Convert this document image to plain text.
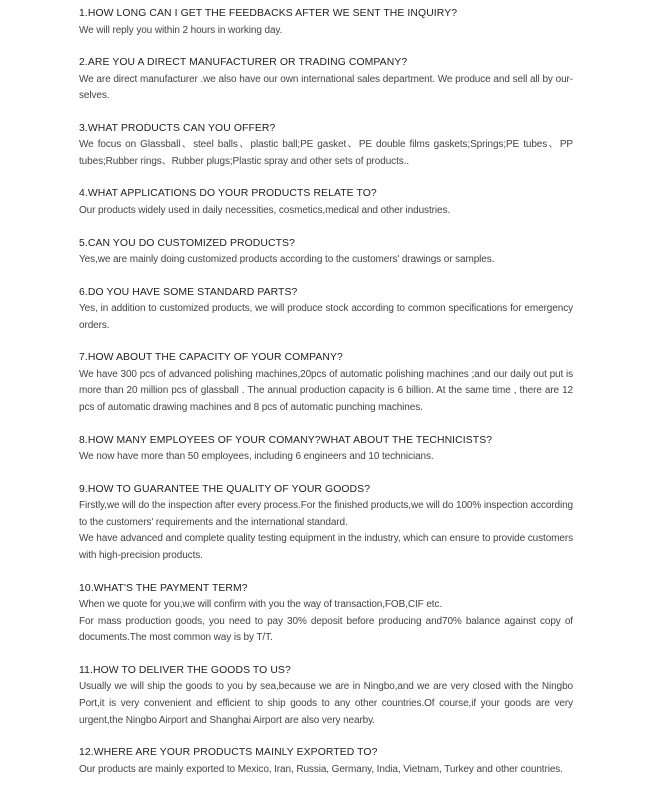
1.HOW LONG CAN I GET THE FEEDBACKS AFTER WE SENT THE INQUIRY?

We will reply you within 2 hours in working day.

2.ARE YOU A DIRECT MANUFACTURER OR TRADING COMPANY?

We are direct manufacturer .we also have our own international sales department. We produce and sell all by our-selves.

3.WHAT PRODUCTS CAN YOU OFFER?

We focus on Glassball、steel balls、plastic ball;PE gasket、PE double films gaskets;Springs;PE tubes、PP tubes;Rubber rings、Rubber plugs;Plastic spray and other sets of products..

4.WHAT APPLICATIONS DO YOUR PRODUCTS RELATE TO?

Our products widely used in daily necessities, cosmetics,medical and other industries.

5.CAN YOU DO CUSTOMIZED PRODUCTS?

Yes,we are mainly doing customized products according to the customers' drawings or samples.

6.DO YOU HAVE SOME STANDARD PARTS?

Yes, in addition to customized products, we will produce stock according to common specifications for emergency orders.

7.HOW ABOUT THE CAPACITY OF YOUR COMPANY?

We have 300 pcs of advanced polishing machines,20pcs of automatic polishing machines ;and our daily out put is more than 20 million pcs of glassball . The annual production capacity is 6 billion. At the same time , there are 12 pcs of automatic drawing machines and 8 pcs of automatic punching machines.

8.HOW MANY EMPLOYEES OF YOUR COMANY?WHAT ABOUT THE TECHNICISTS?

We now have more than 50 employees, including 6 engineers and 10 technicians.

9.HOW TO GUARANTEE THE QUALITY OF YOUR GOODS?

Firstly,we will do the inspection after every process.For the finished products,we will do 100% inspection according to the customers' requirements and the international standard.

We have advanced and complete quality testing equipment in the industry, which can ensure to provide customers with high-precision products.

10.WHAT'S THE PAYMENT TERM?

When we quote for you,we will confirm with you the way of transaction,FOB,CIF etc.

For mass production goods, you need to pay 30% deposit before producing and70% balance against copy of documents.The most common way is by T/T.

11.HOW TO DELIVER THE GOODS TO US?

Usually we will ship the goods to you by sea,because we are in Ningbo,and we are very closed with the Ningbo Port,it is very convenient and efficient to ship goods to any other countries.Of course,if your goods are very urgent,the Ningbo Airport and Shanghai Airport are also very nearby.

12.WHERE ARE YOUR PRODUCTS MAINLY EXPORTED TO?

Our products are mainly exported to Mexico, Iran, Russia, Germany, India, Vietnam, Turkey and other countries.
